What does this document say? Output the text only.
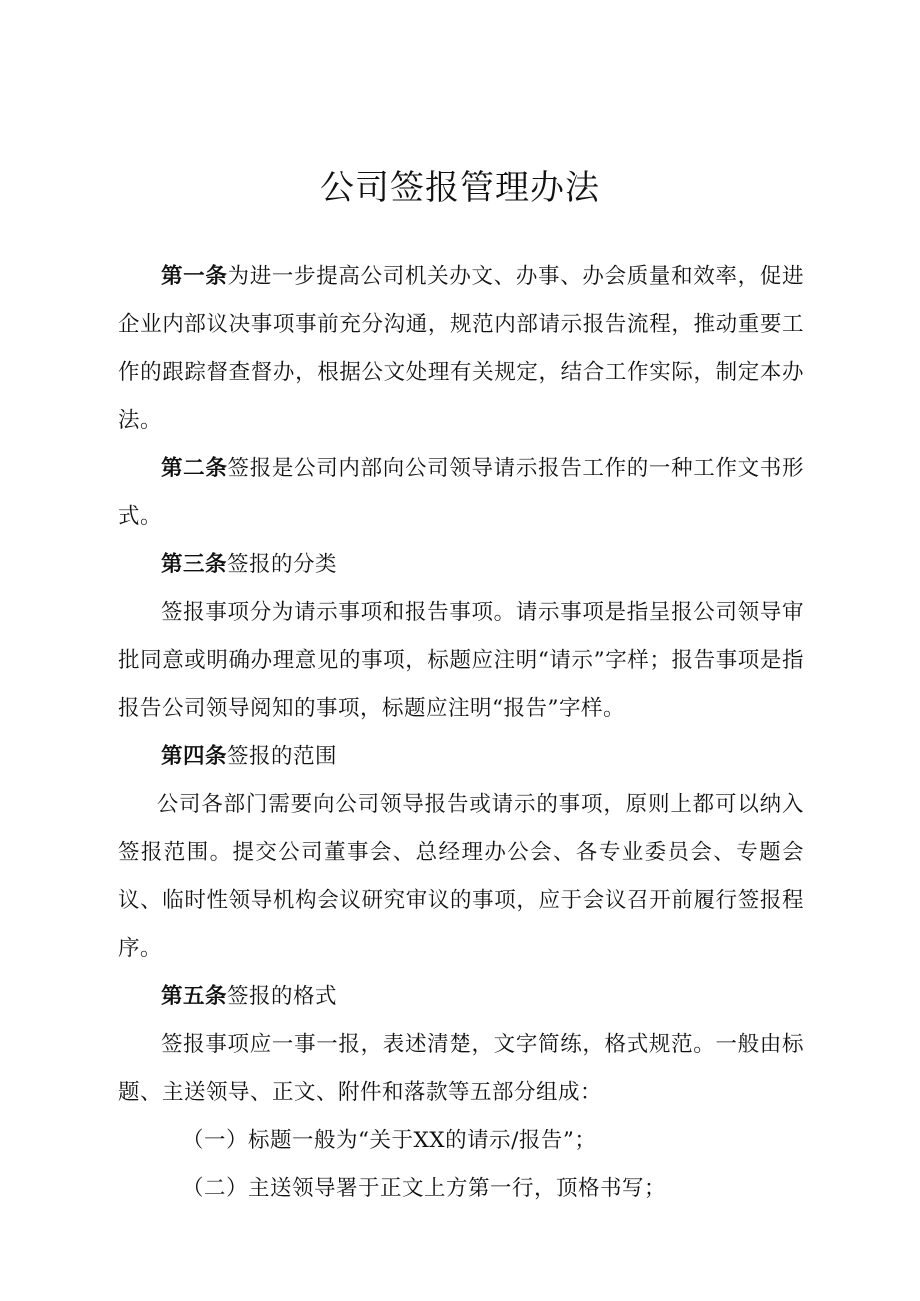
公司签报管理办法

第一条为进一步提高公司机关办文、办事、办会质量和效率，促进企业内部议决事项事前充分沟通，规范内部请示报告流程，推动重要工作的跟踪督查督办，根据公文处理有关规定，结合工作实际，制定本办法。

第二条签报是公司内部向公司领导请示报告工作的一种工作文书形式。

第三条签报的分类

签报事项分为请示事项和报告事项。请示事项是指呈报公司领导审批同意或明确办理意见的事项，标题应注明“请示”字样；报告事项是指报告公司领导阅知的事项，标题应注明“报告”字样。

第四条签报的范围

公司各部门需要向公司领导报告或请示的事项，原则上都可以纳入签报范围。提交公司董事会、总经理办公会、各专业委员会、专题会议、临时性领导机构会议研究审议的事项，应于会议召开前履行签报程序。

第五条签报的格式

签报事项应一事一报，表述清楚，文字简练，格式规范。一般由标题、主送领导、正文、附件和落款等五部分组成：

（一）标题一般为“关于XX的请示/报告”；

（二）主送领导署于正文上方第一行，顶格书写；
